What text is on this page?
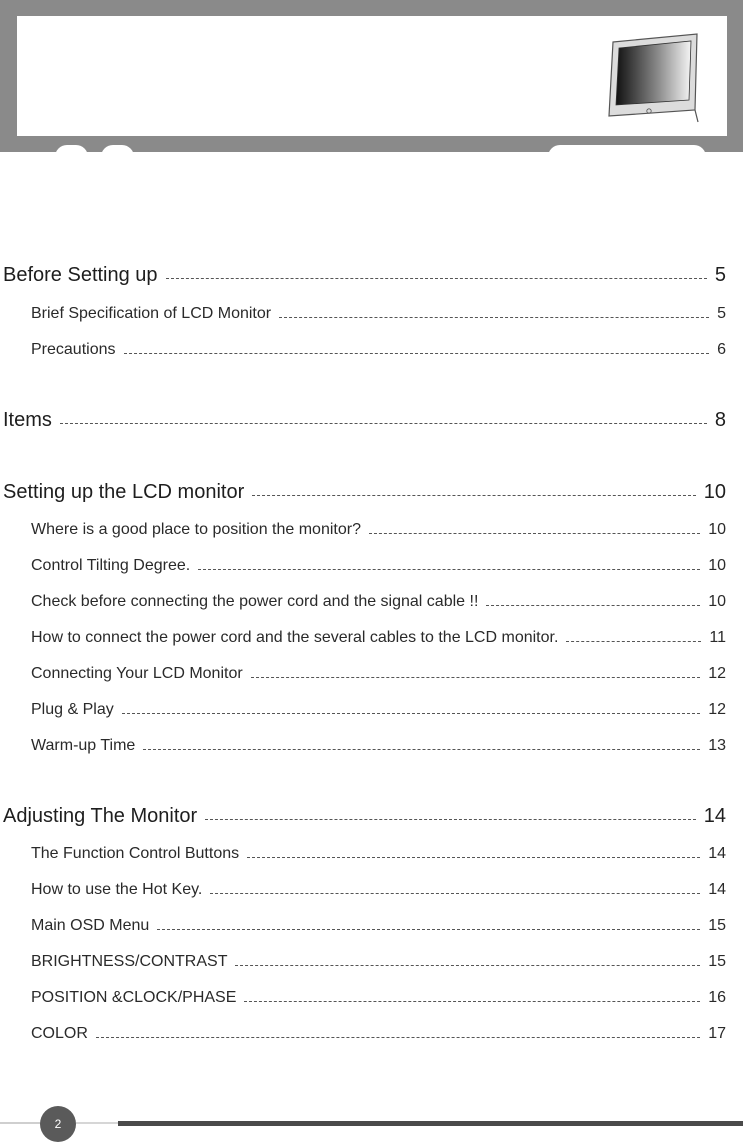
Before Setting up	5
Brief Specification of LCD Monitor	5
Precautions	6
Items	8
Setting up the LCD monitor	10
Where is a good place to position the monitor?	10
Control Tilting Degree.	10
Check before connecting the power cord and the signal cable !!	10
How to connect the power cord and the several cables to the LCD monitor.	11
Connecting Your LCD Monitor	12
Plug & Play	12
Warm-up Time	13
Adjusting The Monitor	14
The Function Control Buttons	14
How to use the Hot Key.	14
Main OSD Menu	15
BRIGHTNESS/CONTRAST	15
POSITION &CLOCK/PHASE	16
COLOR	17
2
